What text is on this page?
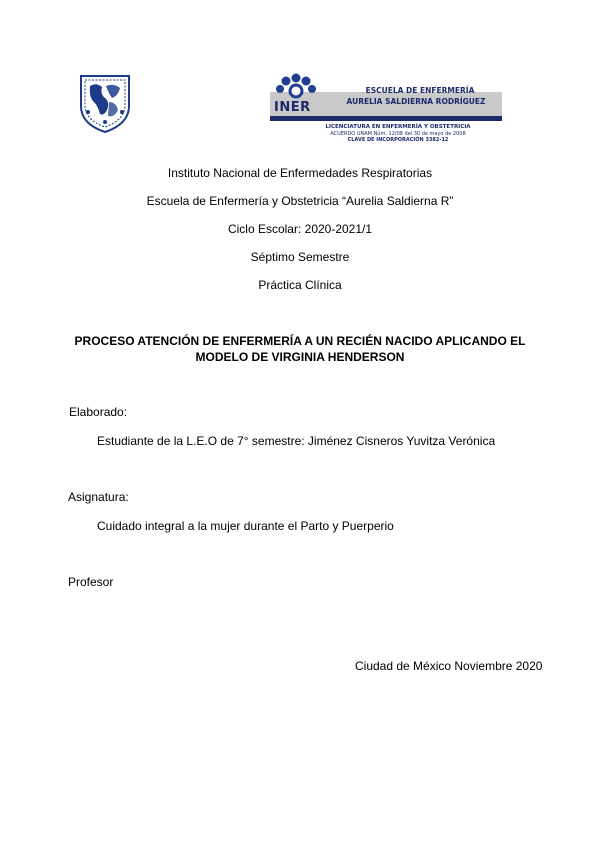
INER
ESCUELA DE ENFERMERÍA
AURELIA SALDIERNA RODRÍGUEZ
LICENCIATURA EN ENFERMERÍA Y OBSTETRICIA
ACUERDO UNAM Núm. 12/08 del 30 de mayo de 2008
CLAVE DE INCORPORACIÓN 3382-12
Instituto Nacional de Enfermedades Respiratorias
Escuela de Enfermería y Obstetricia “Aurelia Saldierna R”
Ciclo Escolar: 2020-2021/1
Séptimo Semestre
Práctica Clínica
PROCESO ATENCIÓN DE ENFERMERÍA A UN RECIÉN NACIDO APLICANDO EL
MODELO DE VIRGINIA HENDERSON
Elaborado:
Estudiante de la L.E.O de 7° semestre: Jiménez Cisneros Yuvitza Verónica
Asignatura:
Cuidado integral a la mujer durante el Parto y Puerperio
Profesor
Ciudad de México Noviembre 2020
